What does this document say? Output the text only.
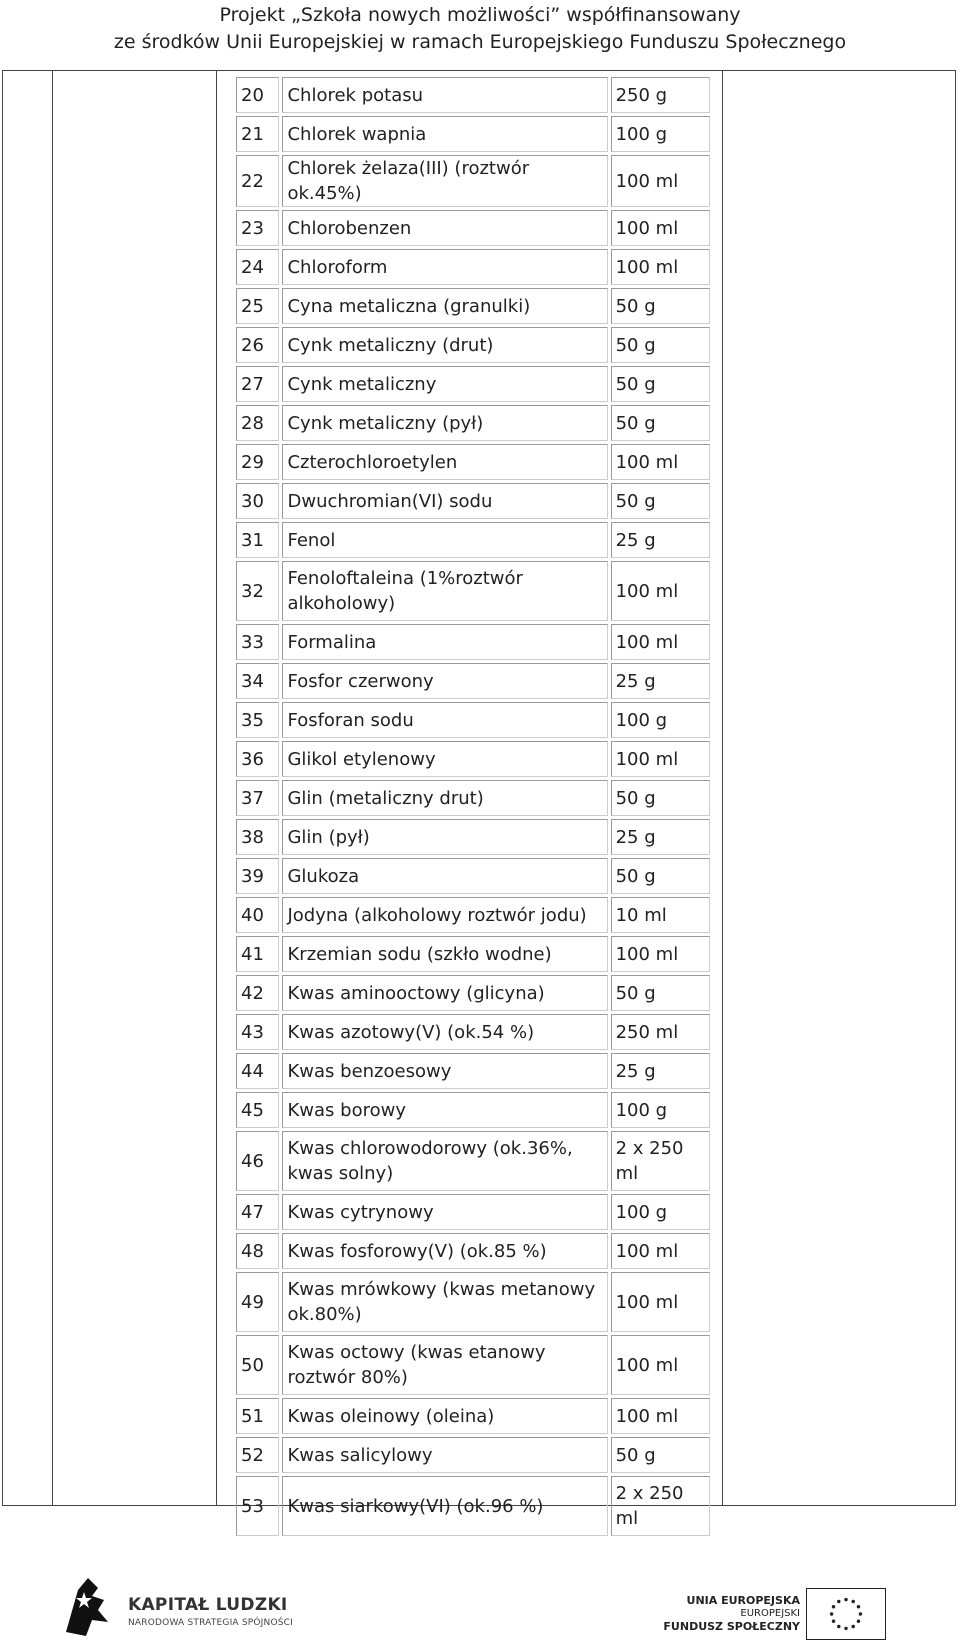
Projekt „Szkoła nowych możliwości” współfinansowany
ze środków Unii Europejskiej w ramach Europejskiego Funduszu Społecznego
20	Chlorek potasu	250 g
21	Chlorek wapnia	100 g
22	Chlorek żelaza(III) (roztwór ok.45%)	100 ml
23	Chlorobenzen	100 ml
24	Chloroform	100 ml
25	Cyna metaliczna (granulki)	50 g
26	Cynk metaliczny (drut)	50 g
27	Cynk metaliczny	50 g
28	Cynk metaliczny (pył)	50 g
29	Czterochloroetylen	100 ml
30	Dwuchromian(VI) sodu	50 g
31	Fenol	25 g
32	Fenoloftaleina (1%roztwór alkoholowy)	100 ml
33	Formalina	100 ml
34	Fosfor czerwony	25 g
35	Fosforan sodu	100 g
36	Glikol etylenowy	100 ml
37	Glin (metaliczny drut)	50 g
38	Glin (pył)	25 g
39	Glukoza	50 g
40	Jodyna (alkoholowy roztwór jodu)	10 ml
41	Krzemian sodu (szkło wodne)	100 ml
42	Kwas aminooctowy (glicyna)	50 g
43	Kwas azotowy(V) (ok.54 %)	250 ml
44	Kwas benzoesowy	25 g
45	Kwas borowy	100 g
46	Kwas chlorowodorowy (ok.36%, kwas solny)	2 x 250 ml
47	Kwas cytrynowy	100 g
48	Kwas fosforowy(V) (ok.85 %)	100 ml
49	Kwas mrówkowy (kwas metanowy ok.80%)	100 ml
50	Kwas octowy (kwas etanowy roztwór 80%)	100 ml
51	Kwas oleinowy (oleina)	100 ml
52	Kwas salicylowy	50 g
53	Kwas siarkowy(VI) (ok.96 %)	2 x 250 ml
KAPITAŁ LUDZKI
NARODOWA STRATEGIA SPÓJNOŚCI
UNIA EUROPEJSKA
EUROPEJSKI
FUNDUSZ SPOŁECZNY
